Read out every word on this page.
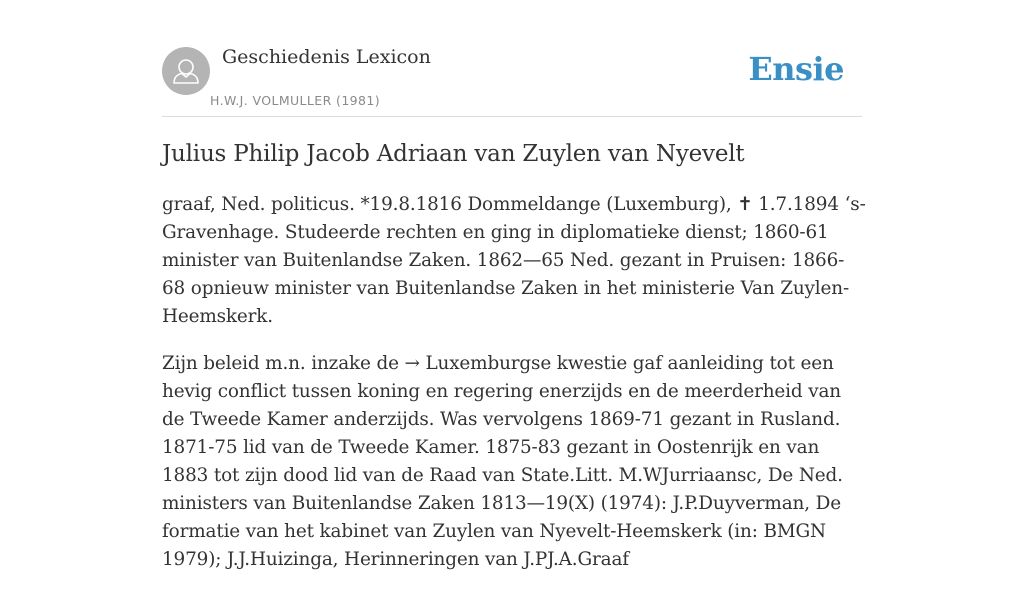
Geschiedenis Lexicon
H.W.J. VOLMULLER (1981)
Ensie
Julius Philip Jacob Adriaan van Zuylen van Nyevelt

graaf, Ned. politicus. *19.8.1816 Dommeldange (Luxemburg), ✝ 1.7.1894 ‘s-Gravenhage. Studeerde rechten en ging in diplomatieke dienst; 1860-61 minister van Buitenlandse Zaken. 1862—65 Ned. gezant in Pruisen: 1866-68 opnieuw minister van Buitenlandse Zaken in het ministerie Van Zuylen-Heemskerk.

Zijn beleid m.n. inzake de → Luxemburgse kwestie gaf aanleiding tot een hevig conflict tussen koning en regering enerzijds en de meerderheid van de Tweede Kamer anderzijds. Was vervolgens 1869-71 gezant in Rusland. 1871-75 lid van de Tweede Kamer. 1875-83 gezant in Oostenrijk en van 1883 tot zijn dood lid van de Raad van State.Litt. M.WJurriaansc, De Ned. ministers van Buitenlandse Zaken 1813—19(X) (1974): J.P.Duyverman, De formatie van het kabinet van Zuylen van Nyevelt-Heemskerk (in: BMGN 1979); J.J.Huizinga, Herinneringen van J.PJ.A.Graaf
